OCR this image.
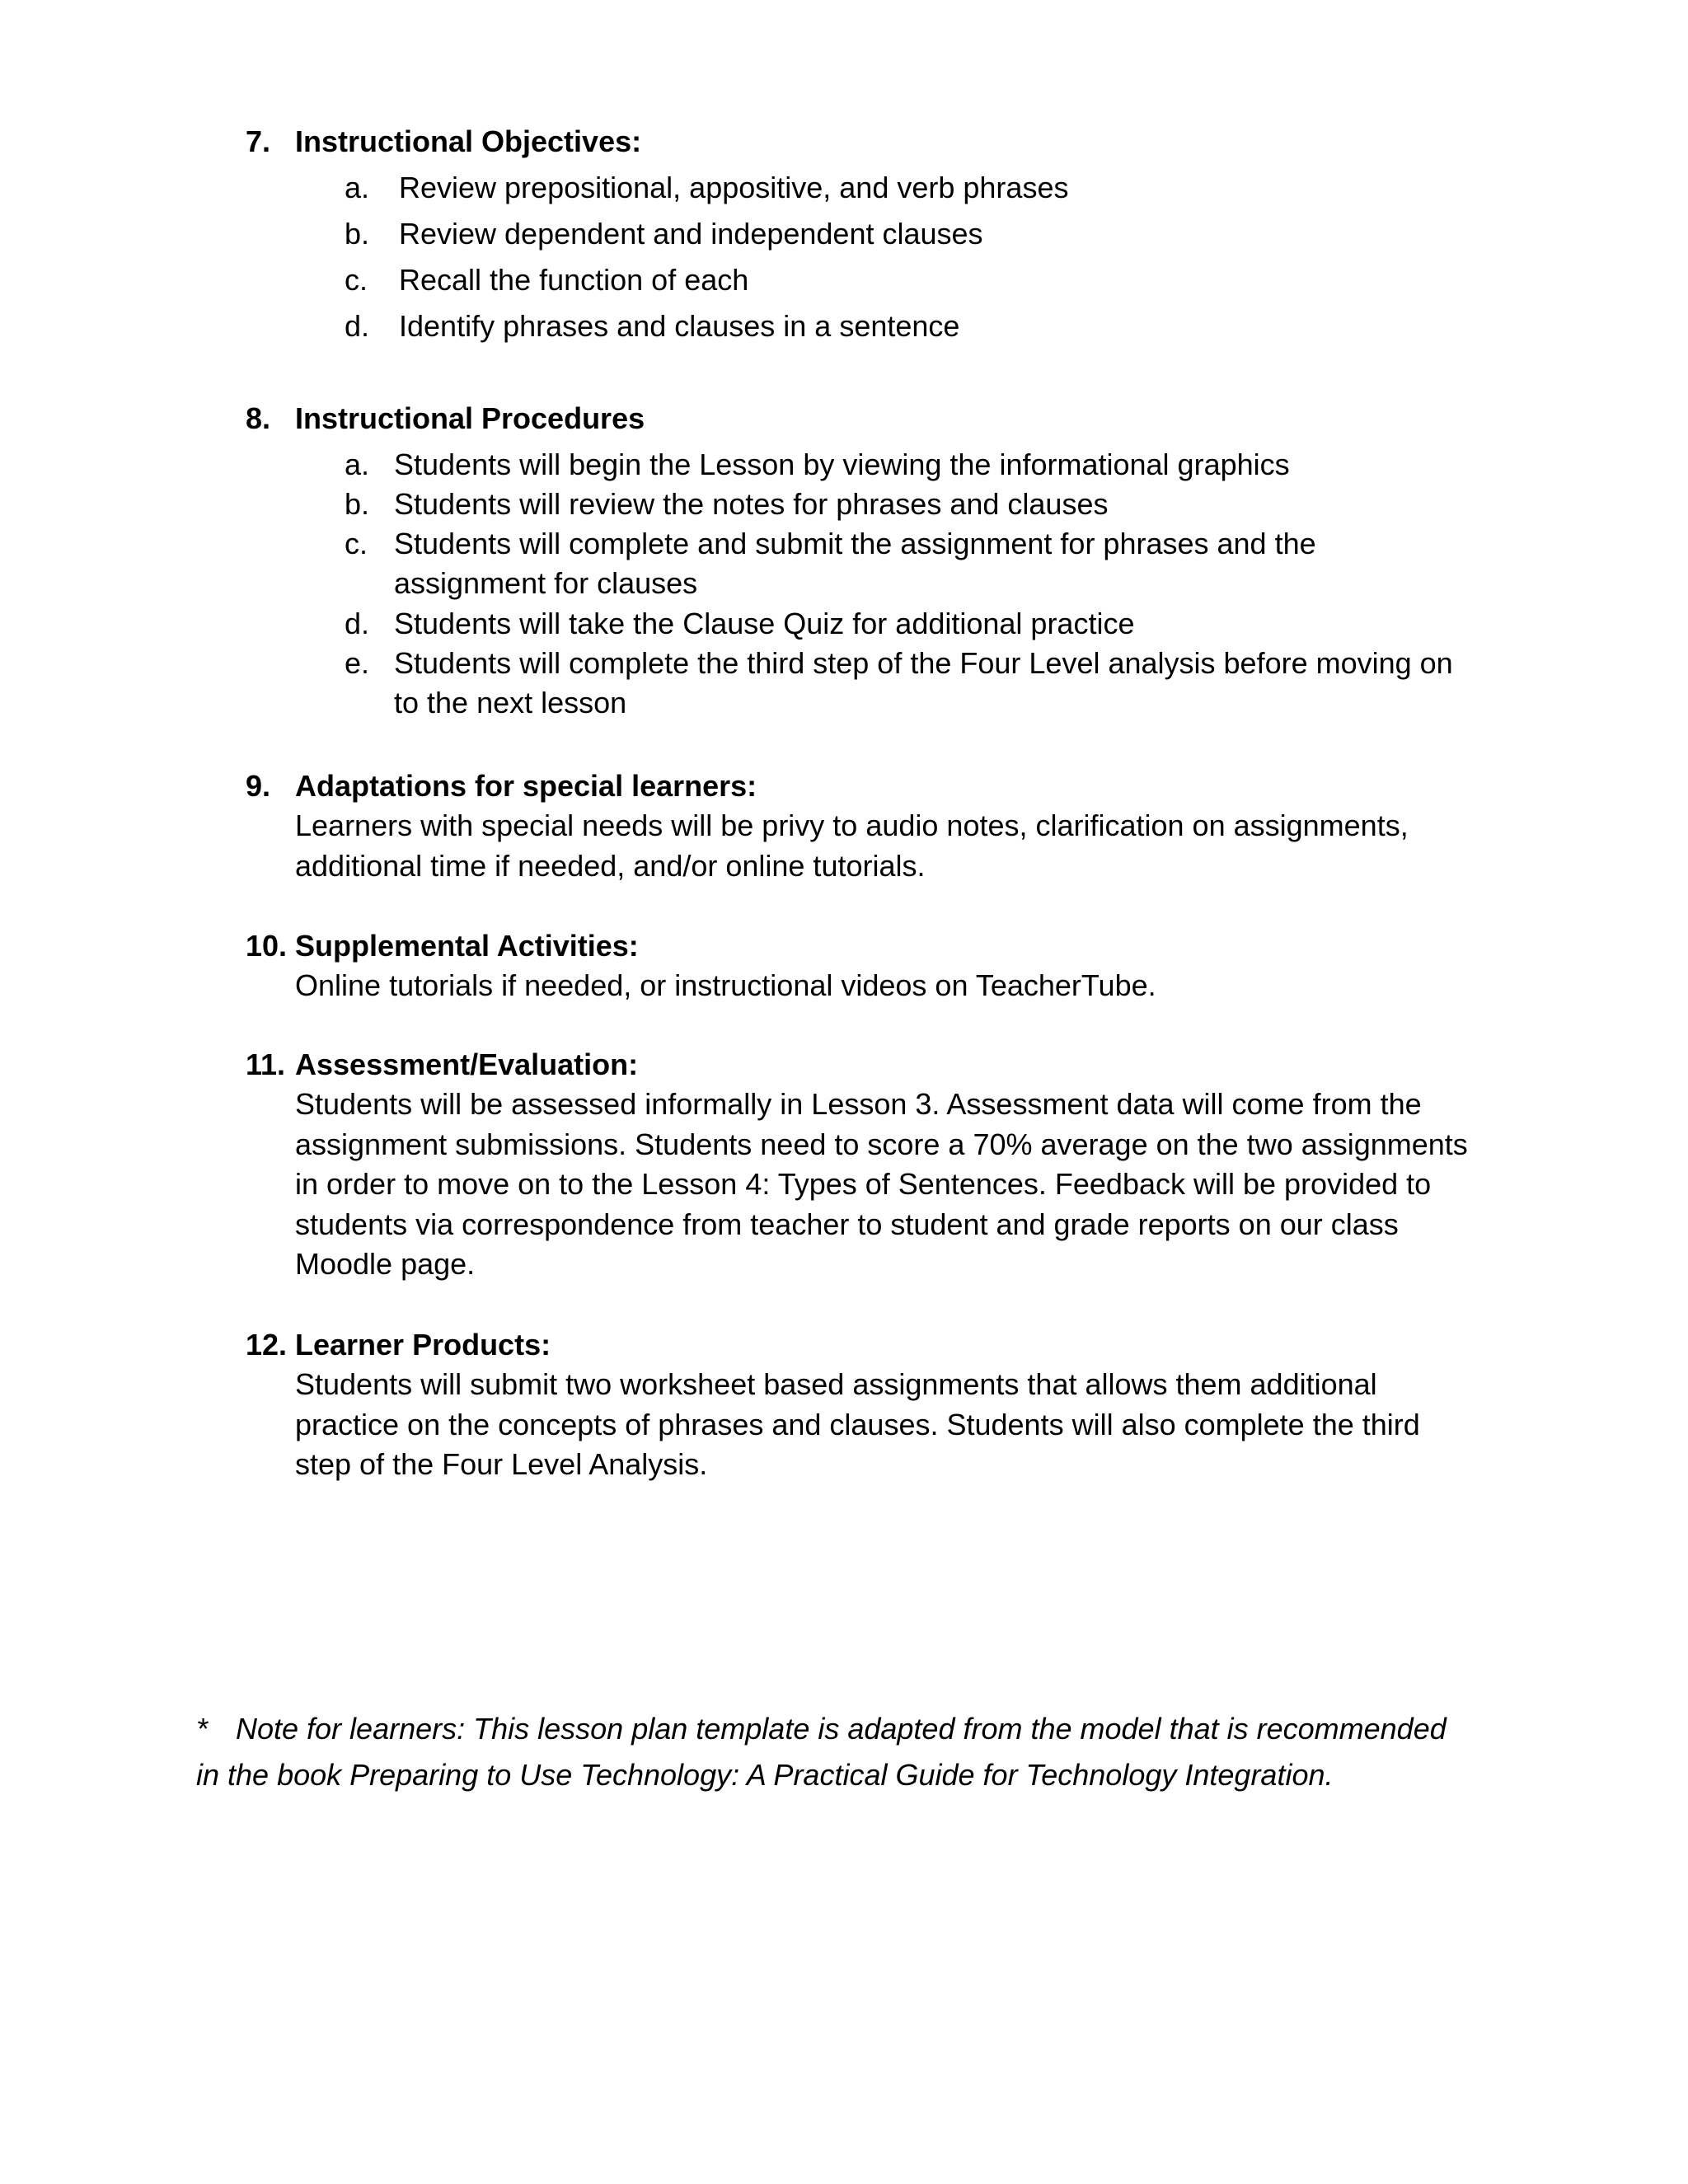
7. Instructional Objectives:
a. Review prepositional, appositive, and verb phrases
b. Review dependent and independent clauses
c. Recall the function of each
d. Identify phrases and clauses in a sentence
8. Instructional Procedures
a. Students will begin the Lesson by viewing the informational graphics
b. Students will review the notes for phrases and clauses
c. Students will complete and submit the assignment for phrases and the
assignment for clauses
d. Students will take the Clause Quiz for additional practice
e. Students will complete the third step of the Four Level analysis before moving on
to the next lesson
9. Adaptations for special learners:
Learners with special needs will be privy to audio notes, clarification on assignments,
additional time if needed, and/or online tutorials.
10. Supplemental Activities:
Online tutorials if needed, or instructional videos on TeacherTube.
11. Assessment/Evaluation:
Students will be assessed informally in Lesson 3. Assessment data will come from the
assignment submissions. Students need to score a 70% average on the two assignments
in order to move on to the Lesson 4: Types of Sentences. Feedback will be provided to
students via correspondence from teacher to student and grade reports on our class
Moodle page.
12. Learner Products:
Students will submit two worksheet based assignments that allows them additional
practice on the concepts of phrases and clauses. Students will also complete the third
step of the Four Level Analysis.
* Note for learners: This lesson plan template is adapted from the model that is recommended
in the book Preparing to Use Technology: A Practical Guide for Technology Integration.
